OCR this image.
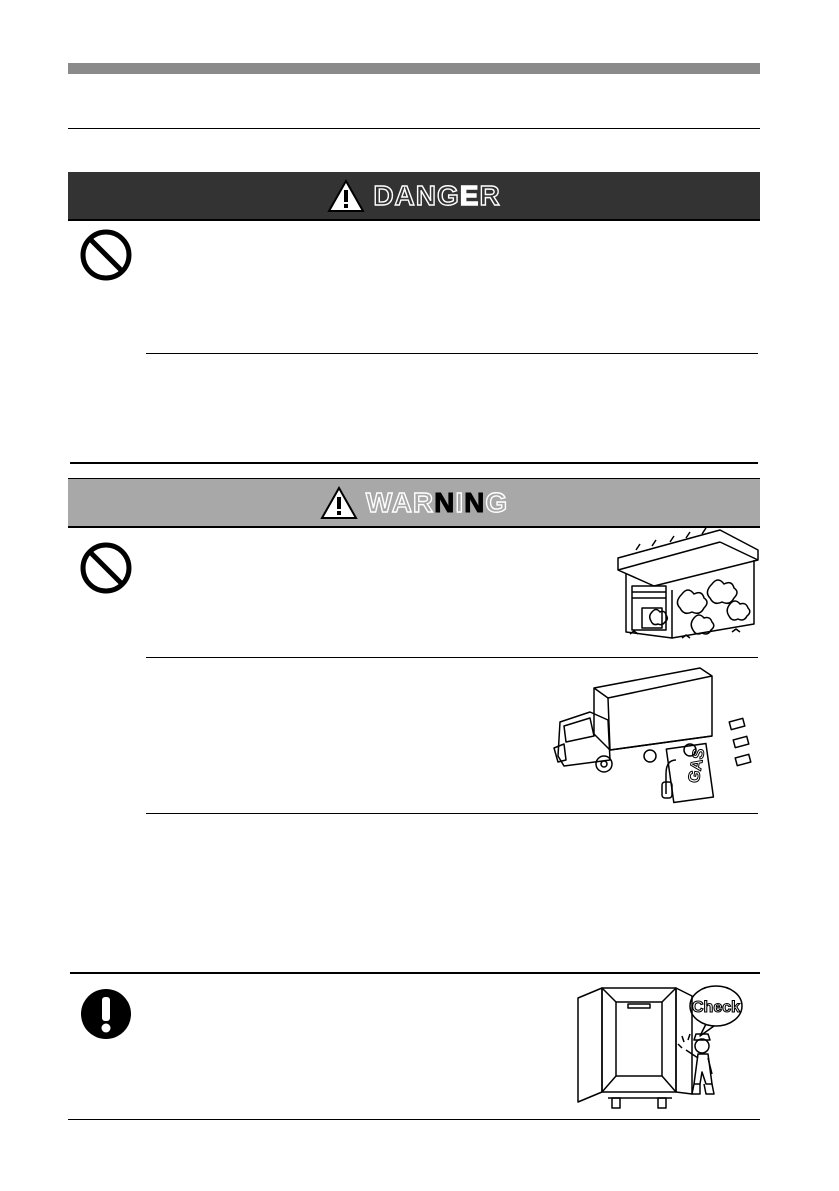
DANGER
WARNING
GAS
Check
